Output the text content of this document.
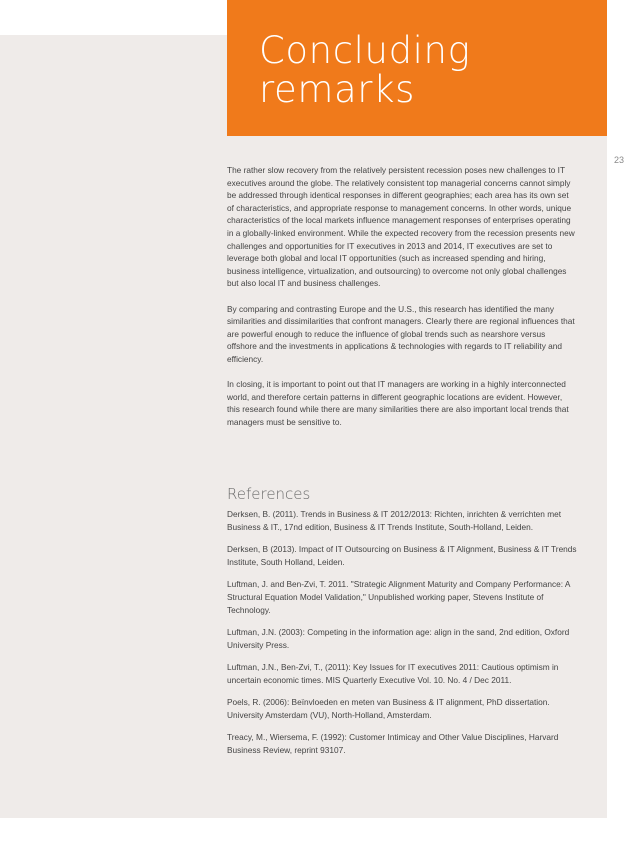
Concluding
remarks
23

The rather slow recovery from the relatively persistent recession poses new challenges to IT executives around the globe. The relatively consistent top managerial concerns cannot simply be addressed through identical responses in different geographies; each area has its own set of characteristics, and appropriate response to management concerns. In other words, unique characteristics of the local markets influence management responses of enterprises operating in a globally-linked environment. While the expected recovery from the recession presents new challenges and opportunities for IT executives in 2013 and 2014, IT executives are set to leverage both global and local IT opportunities (such as increased spending and hiring, business intelligence, virtualization, and outsourcing) to overcome not only global challenges but also local IT and business challenges.

By comparing and contrasting Europe and the U.S., this research has identified the many similarities and dissimilarities that confront managers. Clearly there are regional influences that are powerful enough to reduce the influence of global trends such as nearshore versus offshore and the investments in applications & technologies with regards to IT reliability and efficiency.

In closing, it is important to point out that IT managers are working in a highly interconnected world, and therefore certain patterns in different geographic locations are evident. However, this research found while there are many similarities there are also important local trends that managers must be sensitive to.

References

Derksen, B. (2011). Trends in Business & IT 2012/2013: Richten, inrichten & verrichten met Business & IT., 17nd edition, Business & IT Trends Institute, South-Holland, Leiden.

Derksen, B (2013). Impact of IT Outsourcing on Business & IT Alignment, Business & IT Trends Institute, South Holland, Leiden.

Luftman, J. and Ben-Zvi, T. 2011. "Strategic Alignment Maturity and Company Performance: A Structural Equation Model Validation," Unpublished working paper, Stevens Institute of Technology.

Luftman, J.N. (2003): Competing in the information age: align in the sand, 2nd edition, Oxford University Press.

Luftman, J.N., Ben-Zvi, T., (2011): Key Issues for IT executives 2011: Cautious optimism in uncertain economic times. MIS Quarterly Executive Vol. 10. No. 4 / Dec 2011.

Poels, R. (2006): Beïnvloeden en meten van Business & IT alignment, PhD dissertation. University Amsterdam (VU), North-Holland, Amsterdam.

Treacy, M., Wiersema, F. (1992): Customer Intimicay and Other Value Disciplines, Harvard Business Review, reprint 93107.
